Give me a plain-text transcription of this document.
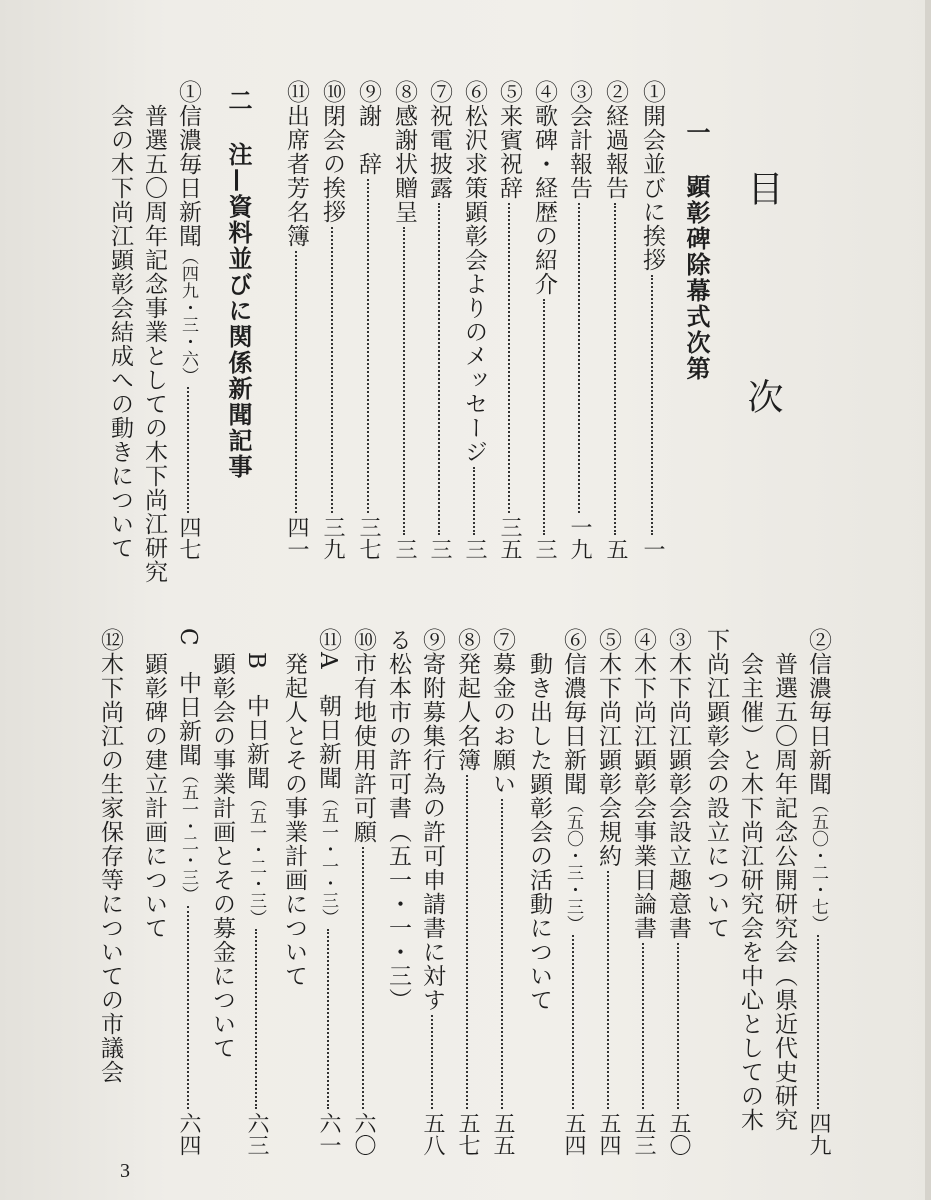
目　次
一顕彰碑除幕式次第
①開会並びに挨拶
一
②経過報告
五
③会計報告
一九
④歌碑・経歴の紹介
三
⑤来賓祝辞
三五
⑥松沢求策顕彰会よりのメッセージ
三
⑦祝電披露
三
⑧感謝状贈呈
三
⑨謝　辞
三七
⑩閉会の挨拶
三九
⑪出席者芳名簿
四一
二注—資料並びに関係新聞記事
①信濃毎日新聞（四九・三・六）
四七
普選五〇周年記念事業としての木下尚江研究
会の木下尚江顕彰会結成への動きについて
②信濃毎日新聞（五〇・二・七）
四九
普選五〇周年記念公開研究会（県近代史研究
会主催）と木下尚江研究会を中心としての木
下尚江顕彰会の設立について
③木下尚江顕彰会設立趣意書
五〇
④木下尚江顕彰会事業目論書
五三
⑤木下尚江顕彰会規約
五四
⑥信濃毎日新聞（五〇・三・三）
五四
動き出した顕彰会の活動について
⑦募金のお願い
五五
⑧発起人名簿
五七
⑨寄附募集行為の許可申請書に対す
五八
る松本市の許可書（五一・一・三）
⑩市有地使用許可願
六〇
⑪A　朝日新聞（五一・一・三）
六一
発起人とその事業計画について
B　中日新聞（五一・二・三）
六三
顕彰会の事業計画とその募金について
C　中日新聞（五一・二・三）
六四
顕彰碑の建立計画について
⑫木下尚江の生家保存等についての市議会
3
